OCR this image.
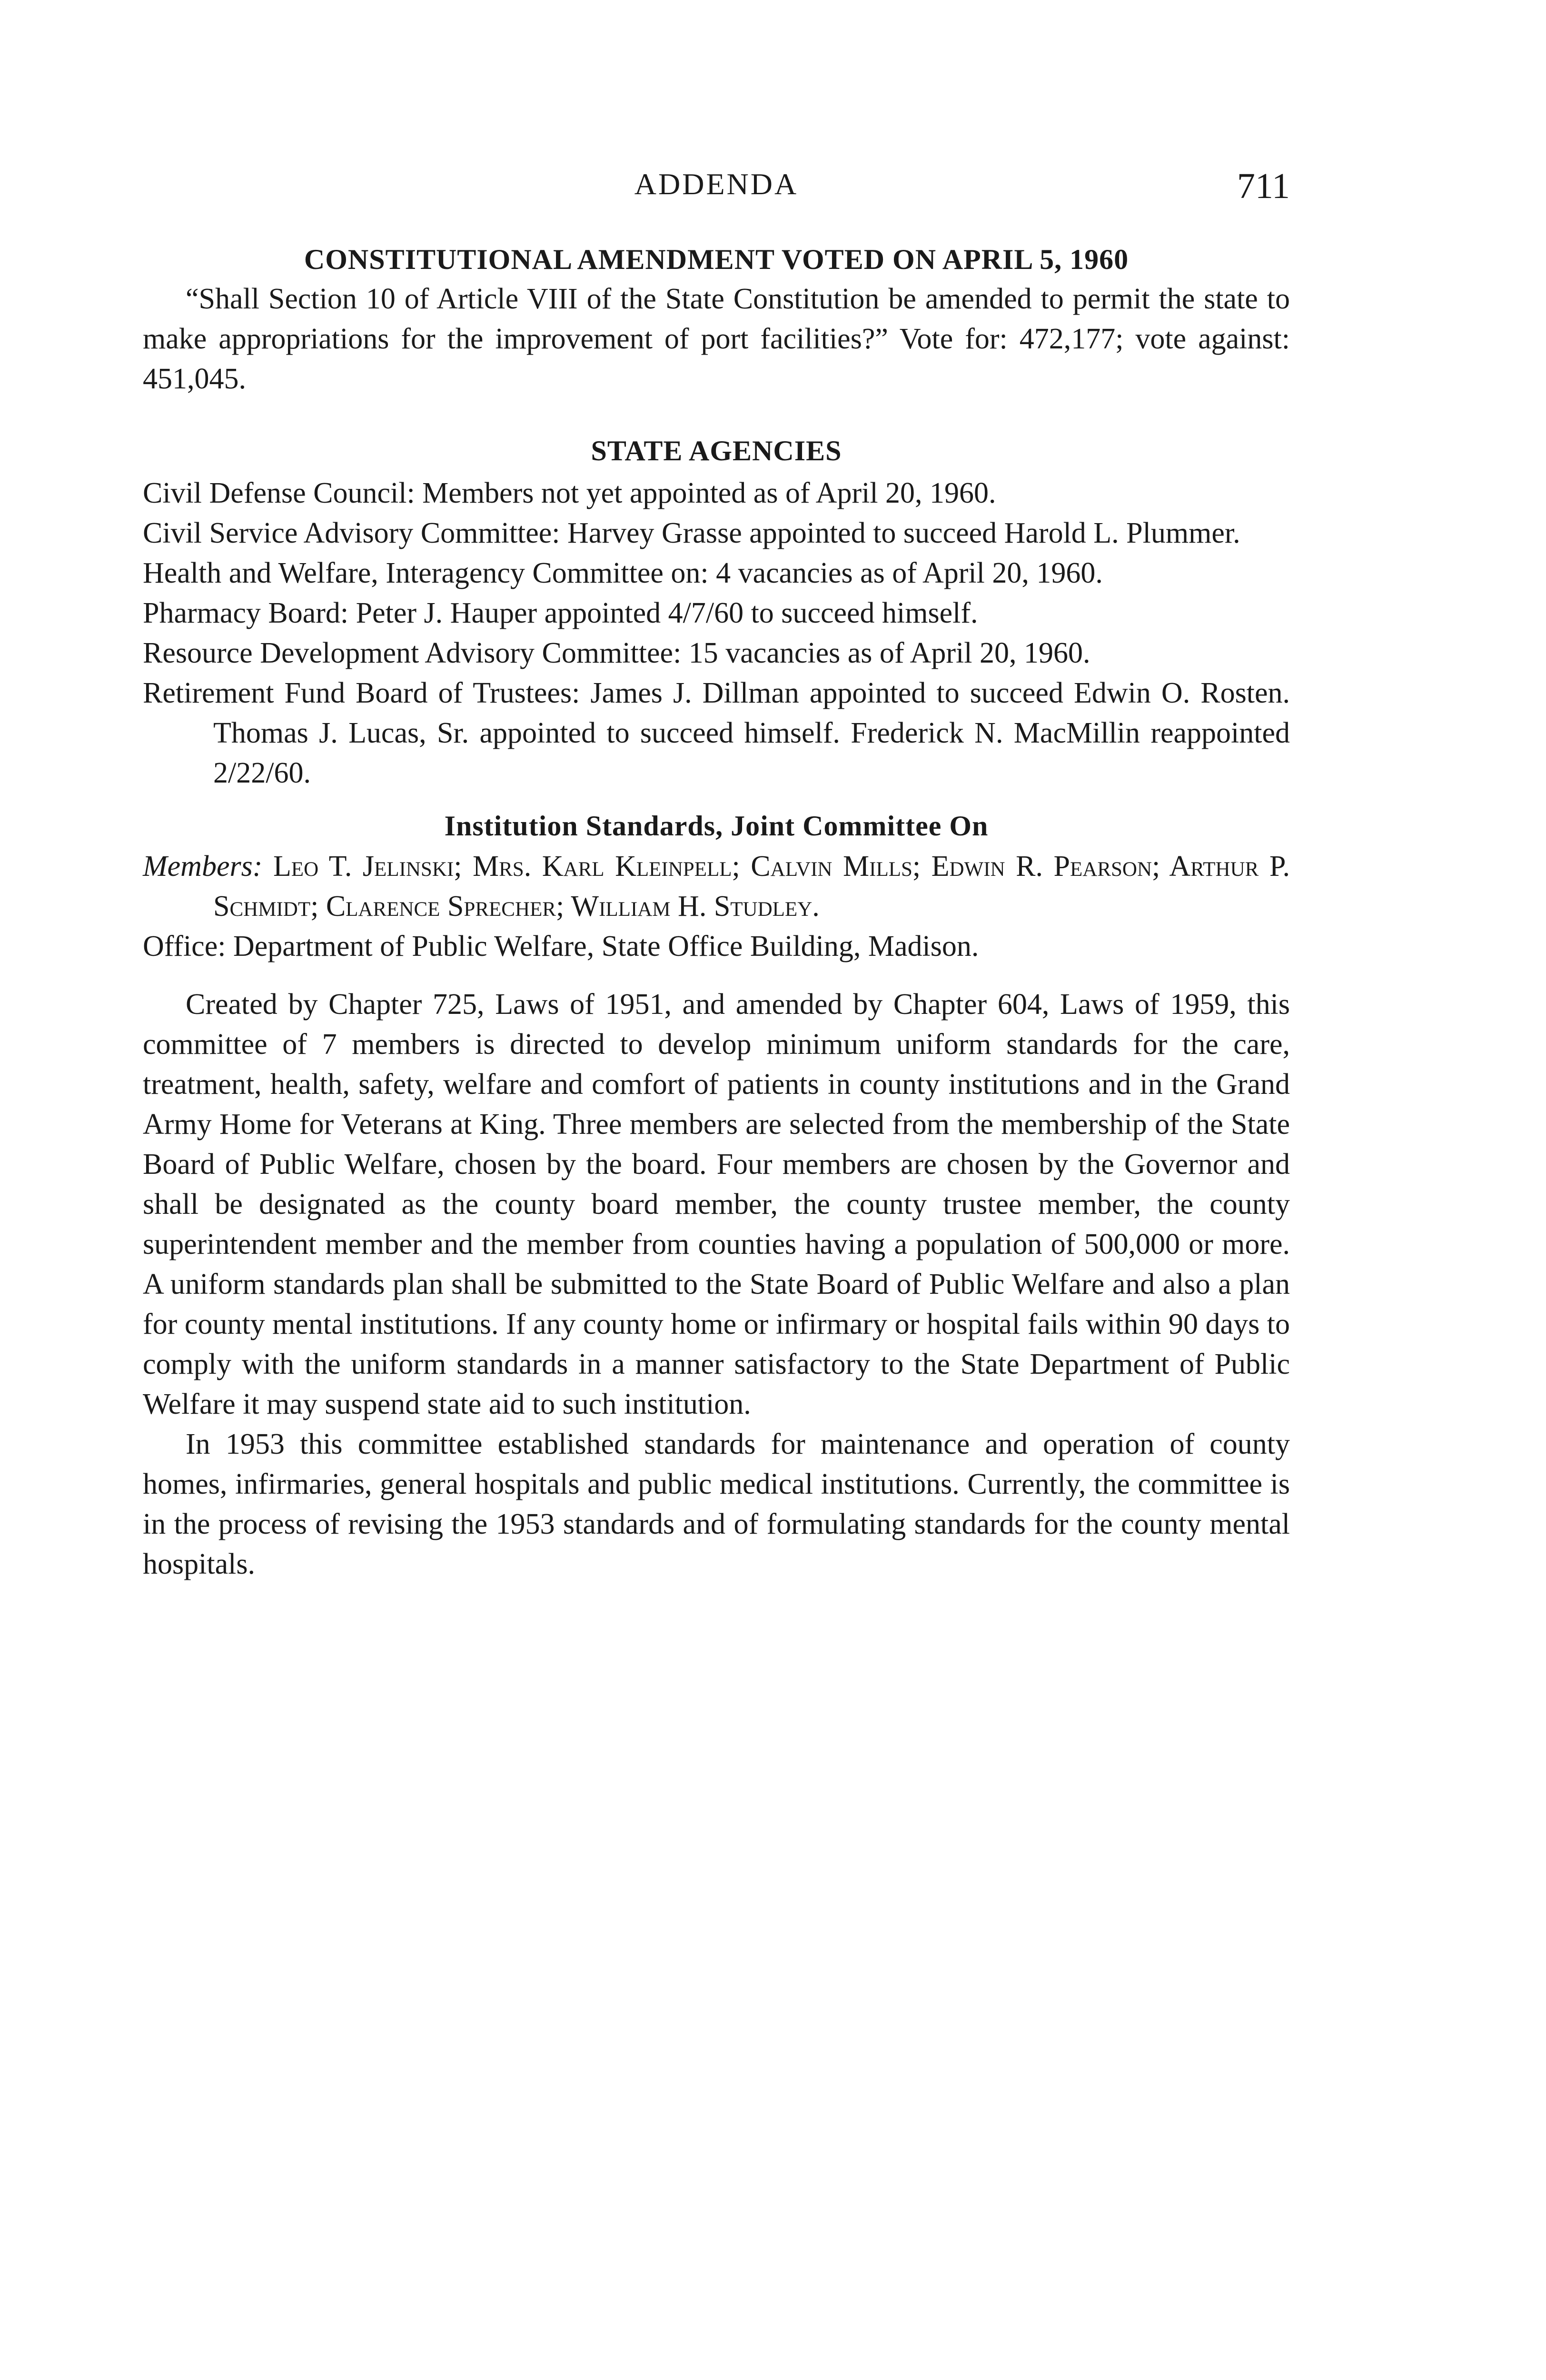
ADDENDA	711
CONSTITUTIONAL AMENDMENT VOTED ON APRIL 5, 1960

“Shall Section 10 of Article VIII of the State Constitution be amended to permit the state to make appropriations for the improvement of port facilities?” Vote for: 472,177; vote against: 451,045.

STATE AGENCIES

Civil Defense Council: Members not yet appointed as of April 20, 1960.

Civil Service Advisory Committee: Harvey Grasse appointed to succeed Harold L. Plummer.

Health and Welfare, Interagency Committee on: 4 vacancies as of April 20, 1960.

Pharmacy Board: Peter J. Hauper appointed 4/7/60 to succeed himself.

Resource Development Advisory Committee: 15 vacancies as of April 20, 1960.

Retirement Fund Board of Trustees: James J. Dillman appointed to succeed Edwin O. Rosten. Thomas J. Lucas, Sr. appointed to succeed himself. Frederick N. MacMillin reappointed 2/22/60.

Institution Standards, Joint Committee On

Members: Leo T. Jelinski; Mrs. Karl Kleinpell; Calvin Mills; Edwin R. Pearson; Arthur P. Schmidt; Clarence Sprecher; William H. Studley.

Office: Department of Public Welfare, State Office Building, Madison.

Created by Chapter 725, Laws of 1951, and amended by Chapter 604, Laws of 1959, this committee of 7 members is directed to develop minimum uniform standards for the care, treatment, health, safety, welfare and comfort of patients in county institutions and in the Grand Army Home for Veterans at King. Three members are selected from the membership of the State Board of Public Welfare, chosen by the board. Four members are chosen by the Governor and shall be designated as the county board member, the county trustee member, the county superintendent member and the member from counties having a population of 500,000 or more. A uniform standards plan shall be submitted to the State Board of Public Welfare and also a plan for county mental institutions. If any county home or infirmary or hospital fails within 90 days to comply with the uniform standards in a manner satisfactory to the State Department of Public Welfare it may suspend state aid to such institution.

In 1953 this committee established standards for maintenance and operation of county homes, infirmaries, general hospitals and public medical institutions. Currently, the committee is in the process of revising the 1953 standards and of formulating standards for the county mental hospitals.
